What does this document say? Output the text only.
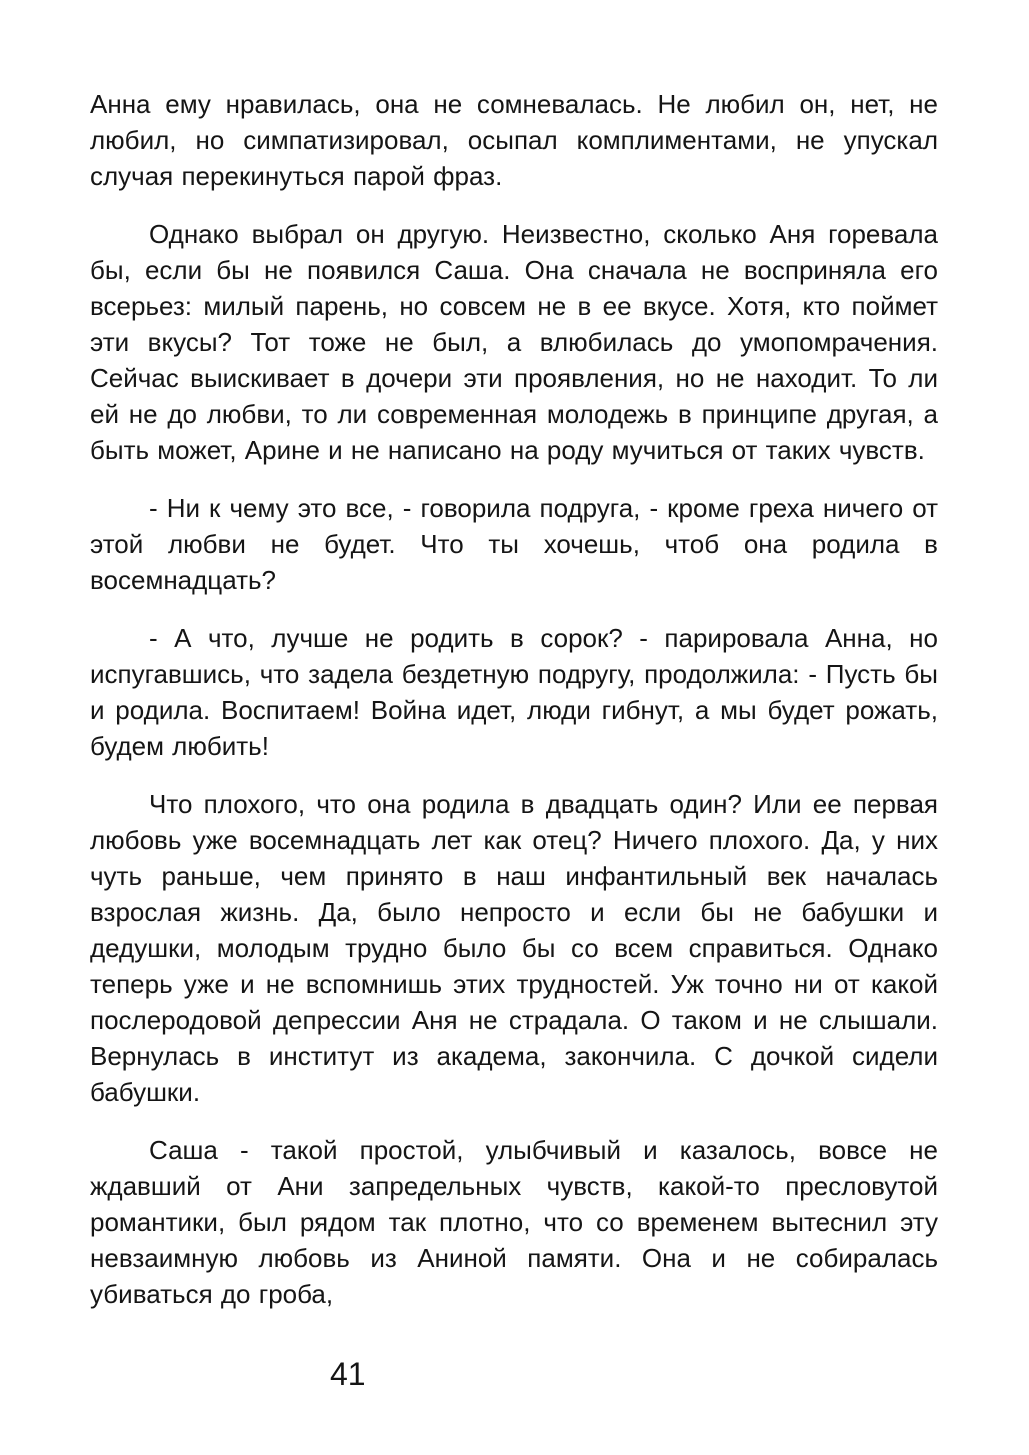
Анна ему нравилась, она не сомневалась. Не любил он, нет, не любил, но симпатизировал, осыпал комплиментами, не упускал случая перекинуться парой фраз.

Однако выбрал он другую. Неизвестно, сколько Аня горевала бы, если бы не появился Саша. Она сначала не восприняла его всерьез: милый парень, но совсем не в ее вкусе. Хотя, кто поймет эти вкусы? Тот тоже не был, а влюбилась до умопомрачения. Сейчас выискивает в дочери эти проявления, но не находит. То ли ей не до любви, то ли современная молодежь в принципе другая, а быть может, Арине и не написано на роду мучиться от таких чувств.

- Ни к чему это все, - говорила подруга, - кроме греха ничего от этой любви не будет. Что ты хочешь, чтоб она родила в восемнадцать?

- А что, лучше не родить в сорок? - парировала Анна, но испугавшись, что задела бездетную подругу, продолжила: - Пусть бы и родила. Воспитаем! Война идет, люди гибнут, а мы будет рожать, будем любить!

Что плохого, что она родила в двадцать один? Или ее первая любовь уже восемнадцать лет как отец? Ничего плохого. Да, у них чуть раньше, чем принято в наш инфантильный век началась взрослая жизнь. Да, было непросто и если бы не бабушки и дедушки, молодым трудно было бы со всем справиться. Однако теперь уже и не вспомнишь этих трудностей. Уж точно ни от какой послеродовой депрессии Аня не страдала. О таком и не слышали. Вернулась в институт из академа, закончила. С дочкой сидели бабушки.

Саша - такой простой, улыбчивый и казалось, вовсе не ждавший от Ани запредельных чувств, какой-то пресловутой романтики, был рядом так плотно, что со временем вытеснил эту невзаимную любовь из Аниной памяти. Она и не собиралась убиваться до гроба,

41
